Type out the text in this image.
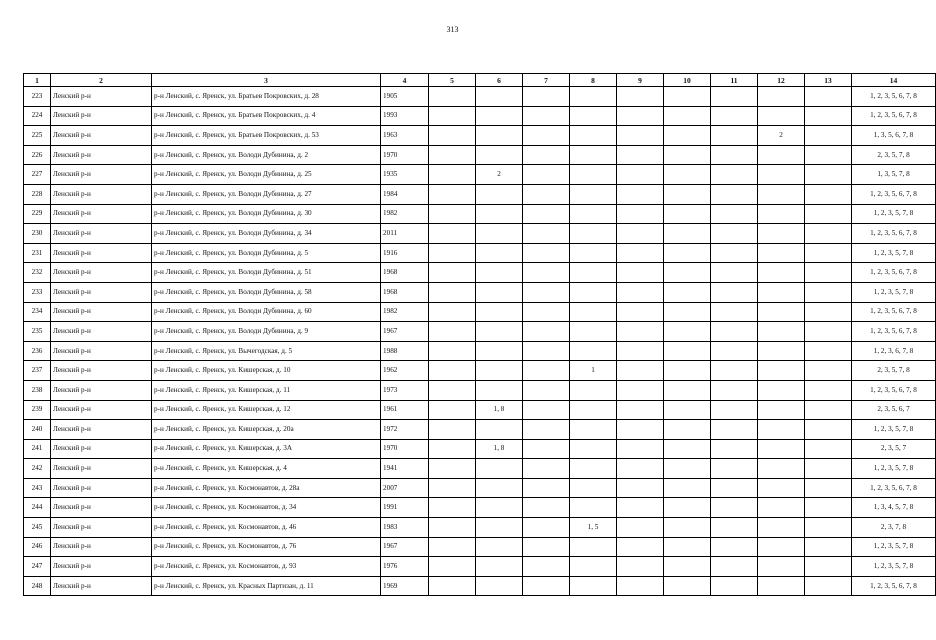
313
1	2	3	4	5	6	7	8	9	10	11	12	13	14
223	Ленский р-н	р-н Ленский, с. Яренск, ул. Братьев Покровских, д. 28	1905										1, 2, 3, 5, 6, 7, 8
224	Ленский р-н	р-н Ленский, с. Яренск, ул. Братьев Покровских, д. 4	1993										1, 2, 3, 5, 6, 7, 8
225	Ленский р-н	р-н Ленский, с. Яренск, ул. Братьев Покровских, д. 53	1963								2		1, 3, 5, 6, 7, 8
226	Ленский р-н	р-н Ленский, с. Яренск, ул. Володи Дубинина, д. 2	1970										2, 3, 5, 7, 8
227	Ленский р-н	р-н Ленский, с. Яренск, ул. Володи Дубинина, д. 25	1935		2								1, 3, 5, 7, 8
228	Ленский р-н	р-н Ленский, с. Яренск, ул. Володи Дубинина, д. 27	1984										1, 2, 3, 5, 6, 7, 8
229	Ленский р-н	р-н Ленский, с. Яренск, ул. Володи Дубинина, д. 30	1982										1, 2, 3, 5, 7, 8
230	Ленский р-н	р-н Ленский, с. Яренск, ул. Володи Дубинина, д. 34	2011										1, 2, 3, 5, 6, 7, 8
231	Ленский р-н	р-н Ленский, с. Яренск, ул. Володи Дубинина, д. 5	1916										1, 2, 3, 5, 7, 8
232	Ленский р-н	р-н Ленский, с. Яренск, ул. Володи Дубинина, д. 51	1968										1, 2, 3, 5, 6, 7, 8
233	Ленский р-н	р-н Ленский, с. Яренск, ул. Володи Дубинина, д. 58	1968										1, 2, 3, 5, 7, 8
234	Ленский р-н	р-н Ленский, с. Яренск, ул. Володи Дубинина, д. 60	1982										1, 2, 3, 5, 6, 7, 8
235	Ленский р-н	р-н Ленский, с. Яренск, ул. Володи Дубинина, д. 9	1967										1, 2, 3, 5, 6, 7, 8
236	Ленский р-н	р-н Ленский, с. Яренск, ул. Вычегодская, д. 5	1988										1, 2, 3, 6, 7, 8
237	Ленский р-н	р-н Ленский, с. Яренск, ул. Кишерская, д. 10	1962				1						2, 3, 5, 7, 8
238	Ленский р-н	р-н Ленский, с. Яренск, ул. Кишерская, д. 11	1973										1, 2, 3, 5, 6, 7, 8
239	Ленский р-н	р-н Ленский, с. Яренск, ул. Кишерская, д. 12	1961		1, 8								2, 3, 5, 6, 7
240	Ленский р-н	р-н Ленский, с. Яренск, ул. Кишерская, д. 20а	1972										1, 2, 3, 5, 7, 8
241	Ленский р-н	р-н Ленский, с. Яренск, ул. Кишерская, д. 3А	1970		1, 8								2, 3, 5, 7
242	Ленский р-н	р-н Ленский, с. Яренск, ул. Кишерская, д. 4	1941										1, 2, 3, 5, 7, 8
243	Ленский р-н	р-н Ленский, с. Яренск, ул. Космонавтов, д. 28а	2007										1, 2, 3, 5, 6, 7, 8
244	Ленский р-н	р-н Ленский, с. Яренск, ул. Космонавтов, д. 34	1991										1, 3, 4, 5, 7, 8
245	Ленский р-н	р-н Ленский, с. Яренск, ул. Космонавтов, д. 46	1983				1, 5						2, 3, 7, 8
246	Ленский р-н	р-н Ленский, с. Яренск, ул. Космонавтов, д. 76	1967										1, 2, 3, 5, 7, 8
247	Ленский р-н	р-н Ленский, с. Яренск, ул. Космонавтов, д. 93	1976										1, 2, 3, 5, 7, 8
248	Ленский р-н	р-н Ленский, с. Яренск, ул. Красных Партизан, д. 11	1969										1, 2, 3, 5, 6, 7, 8
